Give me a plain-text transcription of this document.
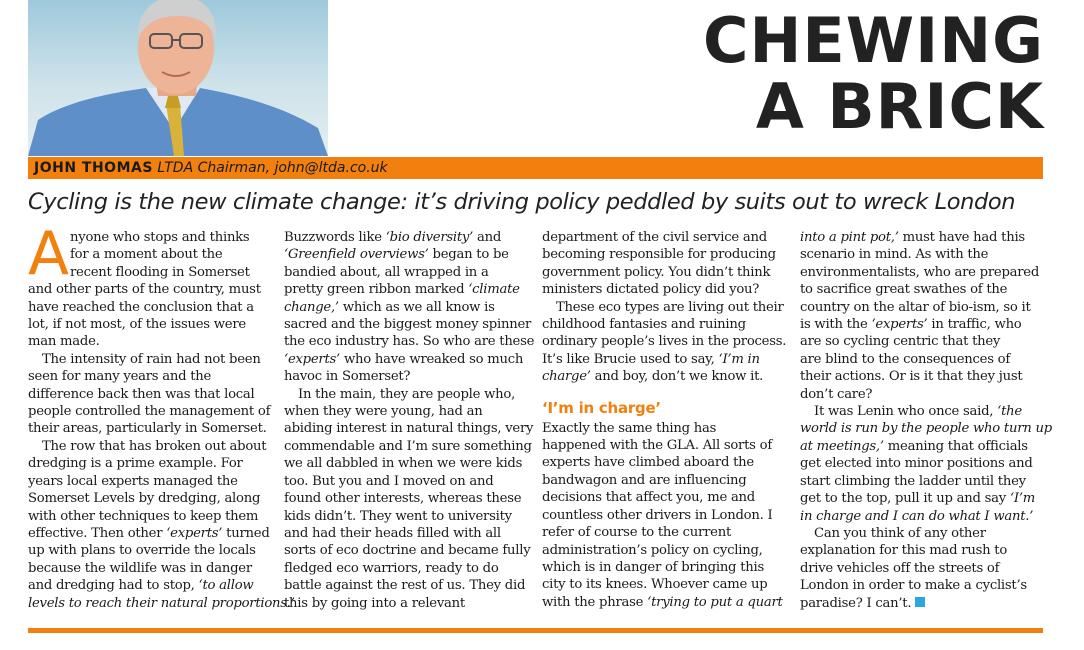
CHEWING
A BRICK
JOHN THOMAS LTDA Chairman, john@ltda.co.uk
Cycling is the new climate change: it’s driving policy peddled by suits out to wreck London
A nyone who stops and thinks

for a moment about the

recent flooding in Somerset

and other parts of the country, must

have reached the conclusion that a

lot, if not most, of the issues were

man made.

The intensity of rain had not been

seen for many years and the

difference back then was that local

people controlled the management of

their areas, particularly in Somerset.

The row that has broken out about

dredging is a prime example. For

years local experts managed the

Somerset Levels by dredging, along

with other techniques to keep them

effective. Then other ‘experts’ turned

up with plans to override the locals

because the wildlife was in danger

and dredging had to stop, ‘to allow

levels to reach their natural proportions.’

Buzzwords like ‘bio diversity’ and

‘Greenfield overviews’ began to be

bandied about, all wrapped in a

pretty green ribbon marked ‘climate

change,’ which as we all know is

sacred and the biggest money spinner

the eco industry has. So who are these

‘experts’ who have wreaked so much

havoc in Somerset?

In the main, they are people who,

when they were young, had an

abiding interest in natural things, very

commendable and I’m sure something

we all dabbled in when we were kids

too. But you and I moved on and

found other interests, whereas these

kids didn’t. They went to university

and had their heads filled with all

sorts of eco doctrine and became fully

fledged eco warriors, ready to do

battle against the rest of us. They did

this by going into a relevant

department of the civil service and

becoming responsible for producing

government policy. You didn’t think

ministers dictated policy did you?

These eco types are living out their

childhood fantasies and ruining

ordinary people’s lives in the process.

It’s like Brucie used to say, ‘I’m in

charge’ and boy, don’t we know it.

‘I’m in charge’

Exactly the same thing has

happened with the GLA. All sorts of

experts have climbed aboard the

bandwagon and are influencing

decisions that affect you, me and

countless other drivers in London. I

refer of course to the current

administration’s policy on cycling,

which is in danger of bringing this

city to its knees. Whoever came up

with the phrase ‘trying to put a quart

into a pint pot,’ must have had this

scenario in mind. As with the

environmentalists, who are prepared

to sacrifice great swathes of the

country on the altar of bio-ism, so it

is with the ‘experts’ in traffic, who

are so cycling centric that they

are blind to the consequences of

their actions. Or is it that they just

don’t care?

It was Lenin who once said, ‘the

world is run by the people who turn up

at meetings,’ meaning that officials

get elected into minor positions and

start climbing the ladder until they

get to the top, pull it up and say ‘I’m

in charge and I can do what I want.’

Can you think of any other

explanation for this mad rush to

drive vehicles off the streets of

London in order to make a cyclist’s

paradise? I can’t.
